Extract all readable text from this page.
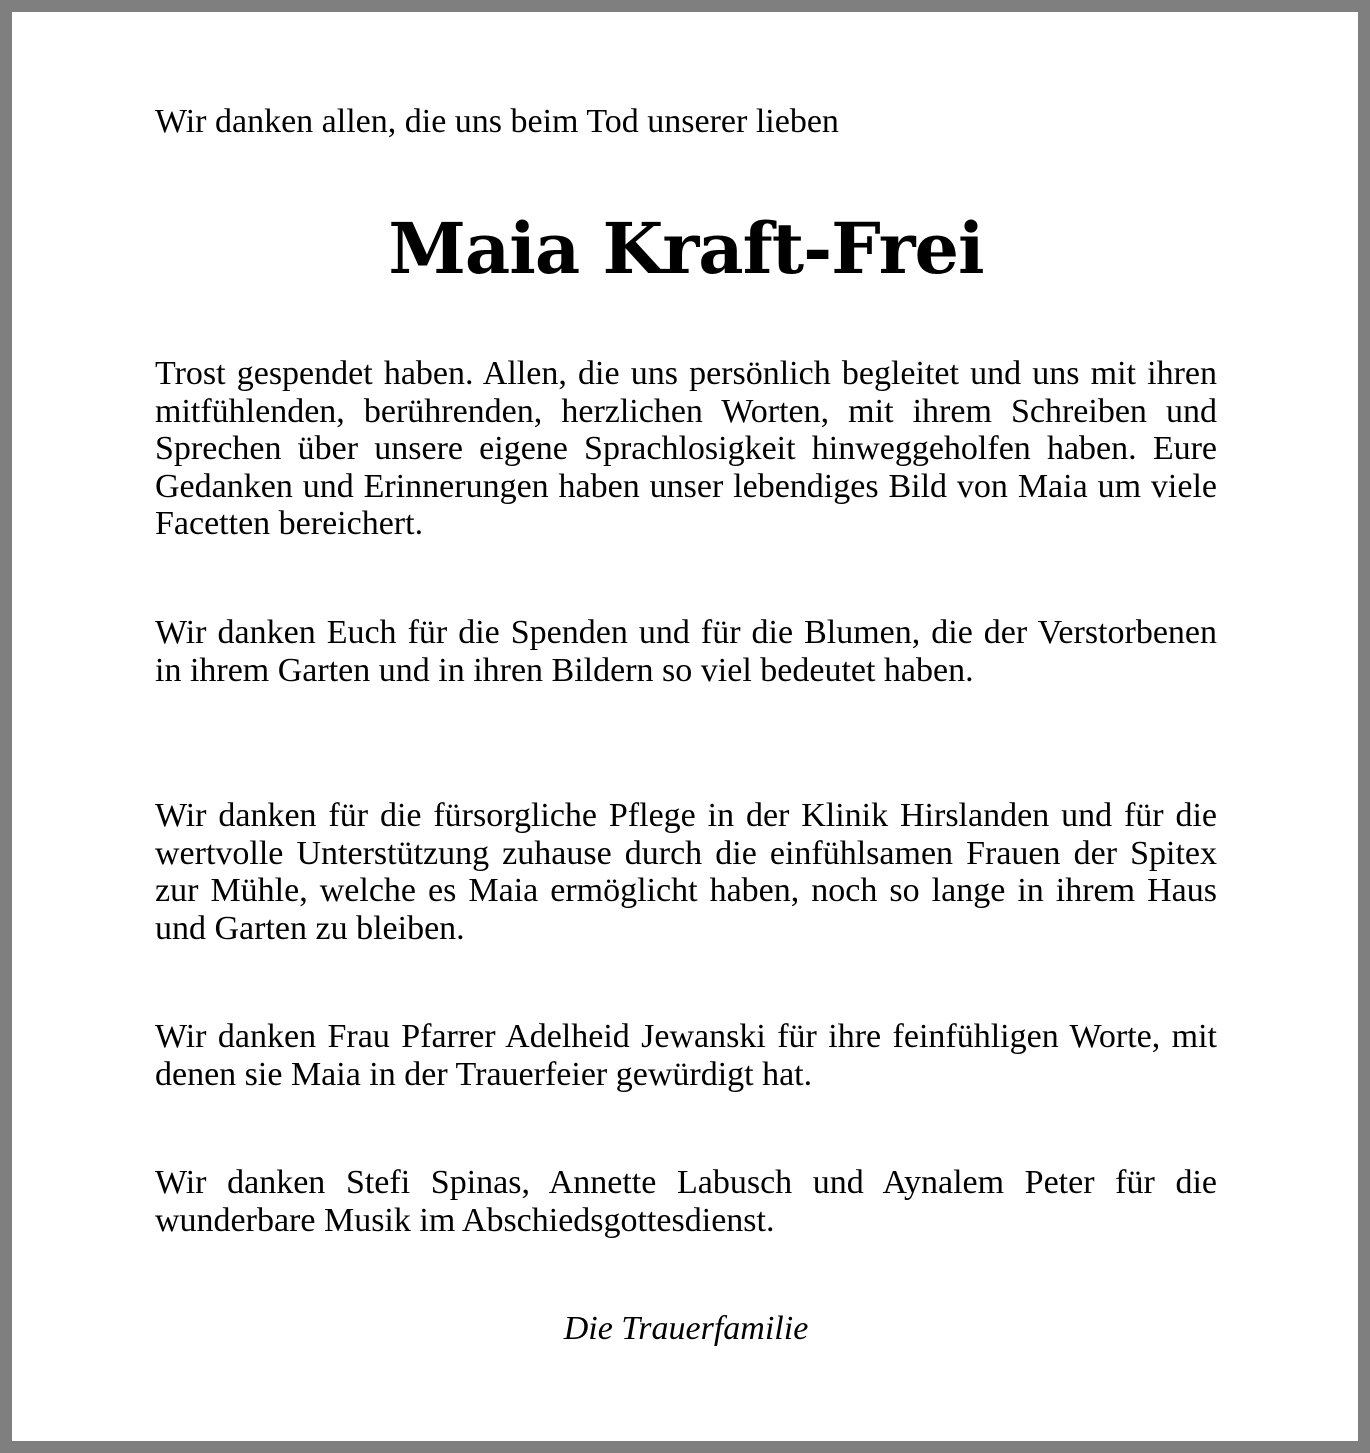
Wir danken allen, die uns beim Tod unserer lieben
Maia Kraft-Frei
Trost gespendet haben. Allen, die uns persönlich begleitet und uns mit ihren mitfühlenden, berührenden, herzlichen Worten, mit ihrem Schreiben und Sprechen über unsere eigene Sprachlosigkeit hinweggeholfen haben. Eure Gedanken und Erinnerungen haben unser lebendiges Bild von Maia um viele Facetten bereichert.
Wir danken Euch für die Spenden und für die Blumen, die der Verstorbenen in ihrem Garten und in ihren Bildern so viel bedeutet haben.
Wir danken für die fürsorgliche Pflege in der Klinik Hirslanden und für die wertvolle Unterstützung zuhause durch die einfühlsamen Frauen der Spitex zur Mühle, welche es Maia ermöglicht haben, noch so lange in ihrem Haus und Garten zu bleiben.
Wir danken Frau Pfarrer Adelheid Jewanski für ihre feinfühligen Worte, mit denen sie Maia in der Trauerfeier gewürdigt hat.
Wir danken Stefi Spinas, Annette Labusch und Aynalem Peter für die wunderbare Musik im Abschiedsgottesdienst.
Die Trauerfamilie
